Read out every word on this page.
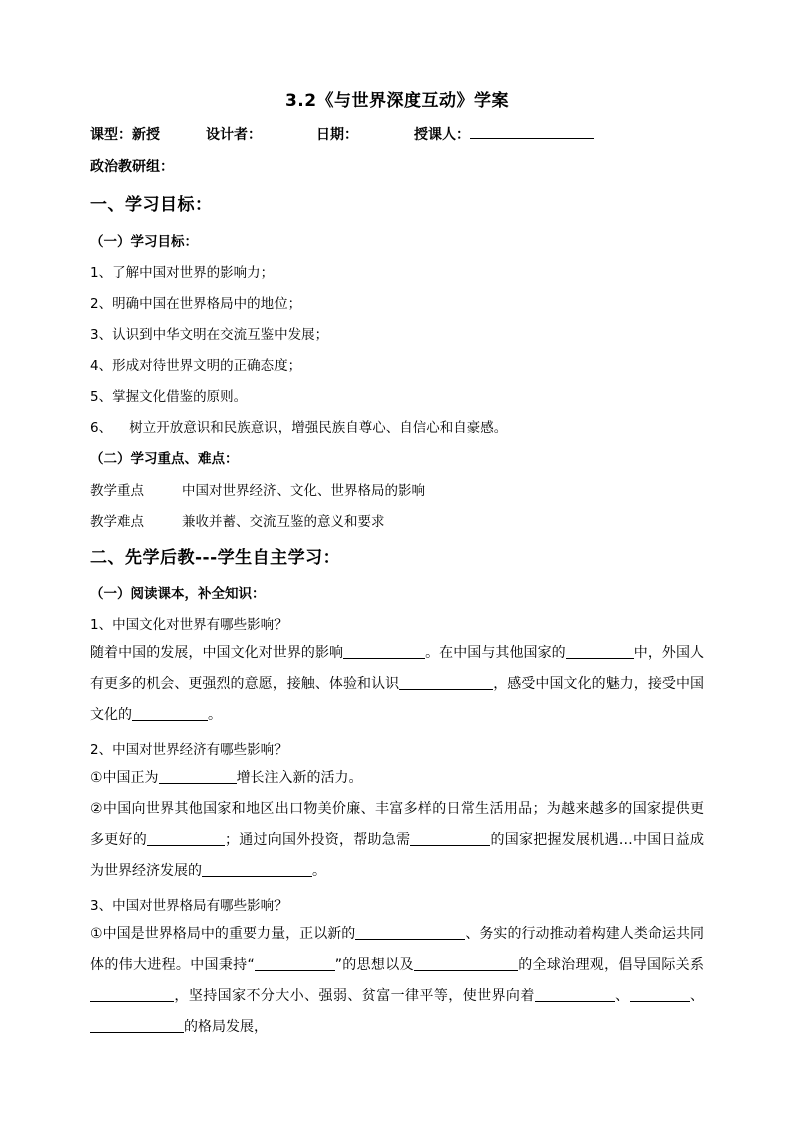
3.2《与世界深度互动》学案
课型：新授	设计者：	日期：	授课人：
政治教研组：
一、学习目标：
（一）学习目标：
1、了解中国对世界的影响力；
2、明确中国在世界格局中的地位；
3、认识到中华文明在交流互鉴中发展；
4、形成对待世界文明的正确态度；
5、掌握文化借鉴的原则。
6、    树立开放意识和民族意识，增强民族自尊心、自信心和自豪感。
（二）学习重点、难点：
教学重点	中国对世界经济、文化、世界格局的影响
教学难点	兼收并蓄、交流互鉴的意义和要求
二、先学后教---学生自主学习：
（一）阅读课本，补全知识：
1、中国文化对世界有哪些影响？
随着中国的发展，中国文化对世界的影响	。在中国与其他国家的	中，外国人有更多的机会、更强烈的意愿，接触、体验和认识	，感受中国文化的魅力，接受中国文化的	。
2、中国对世界经济有哪些影响？
①中国正为	增长注入新的活力。
②中国向世界其他国家和地区出口物美价廉、丰富多样的日常生活用品；为越来越多的国家提供更多更好的	；通过向国外投资，帮助急需	的国家把握发展机遇…中国日益成为世界经济发展的	。
3、中国对世界格局有哪些影响？
①中国是世界格局中的重要力量，正以新的	、务实的行动推动着构建人类命运共同体的伟大进程。中国秉持“	”的思想以及	的全球治理观，倡导国际关系，坚持国家不分大小、强弱、贫富一律平等，使世界向着	、	、的格局发展，
